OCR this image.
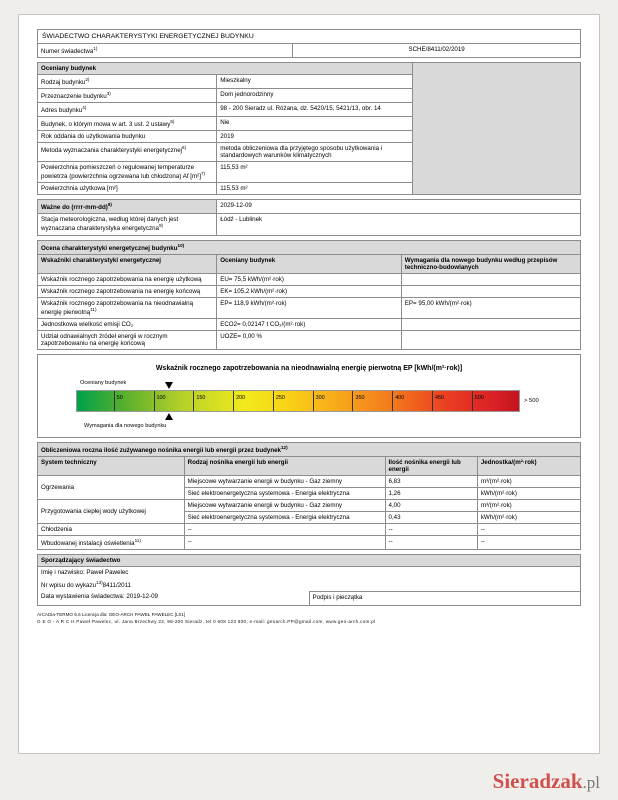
ŚWIADECTWO CHARAKTERYSTYKI ENERGETYCZNEJ BUDYNKU
Numer świadectwa$^{1)}$	SCHE/8411/02/2019
Oceniany budynek		

Rodzaj budynku$^{2)}$	Mieszkalny	
Przeznaczenie budynku$^{3)}$	Dom jednorodzinny	
Adres budynku$^{4)}$	98 - 200 Sieradz ul. Różana, dz. 5420/15, 5421/13, obr. 14	
Budynek, o którym mowa w art. 3 ust. 2 ustawy$^{5)}$	Nie	
Rok oddania do użytkowania budynku	2019	
Metoda wyznaczania charakterystyki energetycznej$^{6)}$	metoda obliczeniowa dla przyjętego sposobu użytkowania i standardowych warunków klimatycznych	
Powierzchnia pomieszczeń o regulowanej temperaturze powietrza (powierzchnia ogrzewana lub chłodzona) Af $[m^2]^{7)}$	115,53 m²	
Powierzchnia użytkowa [m²]	115,53 m²	
Ważne do (rrrr-mm-dd)$^{8)}$	2029-12-09
Stacja meteorologiczna, według której danych jest wyznaczana charakterystyka energetyczna$^{9)}$	Łódź - Lublinek
Ocena charakterystyki energetycznej budynku$^{10)}$
Wskaźniki charakterystyki energetycznej	Oceniany budynek	Wymagania dla nowego budynku według przepisów techniczno-budowlanych
Wskaźnik rocznego zapotrzebowania na energię użytkową	EU= 75,5 kWh/(m²·rok)	
Wskaźnik rocznego zapotrzebowania na energię końcową	EK= 105,2 kWh/(m²·rok)	
Wskaźnik rocznego zapotrzebowania na nieodnawialną energię pierwotną$^{11)}$	EP= 118,9 kWh/(m²·rok)	EP= 95,00 kWh/(m²·rok)
Jednostkowa wielkość emisji CO₂	ECO2= 0,02147 t CO₂/(m²·rok)	
Udział odnawialnych źródeł energii w rocznym zapotrzebowaniu na energię końcową	UOZE= 0,00 %	
Wskaźnik rocznego zapotrzebowania na nieodnawialną energię pierwotną EP [kWh/(m²·rok)]
Oceniany budynek
50	100	150	200	250	300	350	400	450	500	> 500
Wymagania dla nowego budynku
Obliczeniowa roczna ilość zużywanego nośnika energii lub energii przez budynek$^{12)}$
System techniczny	Rodzaj nośnika energii lub energii	Ilość nośnika energii lub energii	Jednostka/(m²·rok)
Ogrzewania	Miejscowe wytwarzanie energii w budynku - Gaz ziemny	6,83	m³/(m²·rok)
	Sieć elektroenergetyczna systemowa - Energia elektryczna	1,26	kWh/(m²·rok)
Przygotowania ciepłej wody użytkowej	Miejscowe wytwarzanie energii w budynku - Gaz ziemny	4,00	m³/(m²·rok)
	Sieć elektroenergetyczna systemowa - Energia elektryczna	0,43	kWh/(m²·rok)
Chłodzenia	--	--	--
Wbudowanej instalacji oświetlenia$^{11)}$	--	--	--
Sporządzający świadectwo
Imię i nazwisko: Paweł Pawelec
Nr wpisu do wykazu$^{13)}$8411/2011
Data wystawienia świadectwa: 2019-12-09	Podpis i pieczątka
ArCADia-TERMO 6.6 Licencja dla: GEO-ARCH PAWEŁ PAWELEC [L01]
G E O - A R C H Paweł Pawelec, ul. Jana Brzechwy 22, 98-200 Sieradz, tel 0 608 123 830, e-mail: geoarch.PP@gmail.com, www.geo-arch.com.pl
Sieradzak.pl
